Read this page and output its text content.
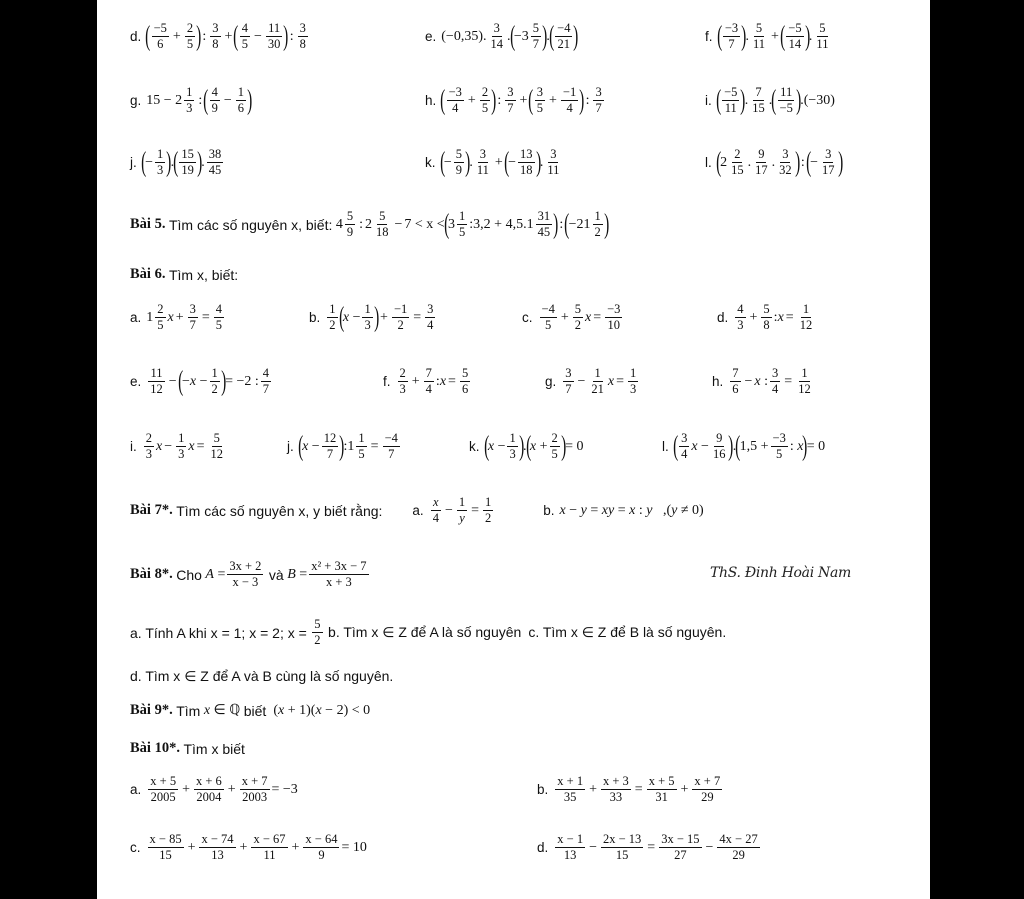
d. ( −5
6
+ $\frac{2}{5}$ ) :
3
8
+ ( 4
5
− $\frac{11}{30}$ ) :
3
8	e. (−0,35).
3
14
. ( −3
5
7 ) . ( −4
21 )	f. ( −3
7 ) .
5
11
+ ( −5
14 ) .
5
11
g. 15 − 2
1
3
: ( 4
9
− $\frac{1}{6}$ )	h. ( −3
4
+ $\frac{2}{5}$ ) :
3
7
+ ( 3
5
+ $\frac{-1}{4}$ ) :
3
7	i. ( −5
11 ) .
7
15
. ( 11
−5 ) .(−30)
j. ( − $\frac{1}{3}$ ) . ( 15
19 ) .
38
45	k. ( − $\frac{5}{9}$ ) .
3
11
+ ( − $\frac{13}{18}$ ) .
3
11	l. ( 2
2
15
.
9
17
.
3
32 ) : ( − $\frac{3}{17}$ )
Bài 5.
Tìm các số nguyên x, biết:
4
5
9
: 2
5
18
− 7 < x < ( 3
1
5
:3,2 + 4,5.1
31
45 ) : ( −21
1
2 )
Bài 6.
Tìm x, biết:
a. 1
2
5
$x + \frac{3}{7} = \frac{4}{5}$	b.
1
2 ( $x - \frac{1}{3}$ ) + $\frac{-1}{2} = \frac{3}{4}$	c.
−4
5
+ $\frac{5}{2}$ $x = \frac{-3}{10}$	d.
4
3
+ $\frac{5}{8}$ :x = $\frac{1}{12}$
e.
11
12
− ( $-x - \frac{1}{2}$ ) = −2 :
4
7	f.
2
3
+ $\frac{7}{4}$ :x = $\frac{5}{6}$	g.
3
7
− $\frac{1}{21}$ $x = \frac{1}{3}$	h.
7
6
− x : $\frac{3}{4} = \frac{1}{12}$
i.
2
3
$x - \frac{1}{3}$ $x = \frac{5}{12}$	j. ( $x - \frac{12}{7}$ ) :1 $\frac{1}{5} = \frac{-4}{7}$	k. ( $x - \frac{1}{3}$ ) . ( $x + \frac{2}{5}$ ) = 0	l. ( 3
4
$x - \frac{9}{16}$ ) . ( $1,5 + \frac{-3}{5}$ : x ) = 0
Bài 7*.
Tìm các số nguyên x, y biết rằng: a.
x
4
− $\frac{1}{y} = \frac{1}{2}$	b. x − y = xy = x : y   ,(y ≠ 0)
Bài 8*.
Cho
$A = \frac{3x + 2}{x - 3}$
và
$B = \frac{\text{x² + 3x − 7}}{x + 3}$	ThS. Đinh Hoài Nam
a. Tính A khi x = 1; x = 2; x =
$\frac{5}{2}$
b. Tìm x ∈ Z để A là số nguyên
c. Tìm x ∈ Z để B là số nguyên.
d. Tìm x ∈ Z để A và B cùng là số nguyên.
Bài 9*.
Tìm
x ∈ ℚ
biết
(x + 1)(x − 2) < 0
Bài 10*.
Tìm x biết
a.
x + 5
2005
+ $\frac{x + 6}{2004} + \frac{x + 7}{2003} = -3$	b.
x + 1
35
+ $\frac{x + 3}{33} = \frac{x + 5}{31} + \frac{x + 7}{29}$
c.
x − 85
15
+ $\frac{x - 74}{13} + \frac{x - 67}{11} + \frac{x - 64}{9} = 10$	d.
x − 1
13
− $\frac{2x - 13}{15} = \frac{3x - 15}{27} - \frac{4x - 27}{29}$
